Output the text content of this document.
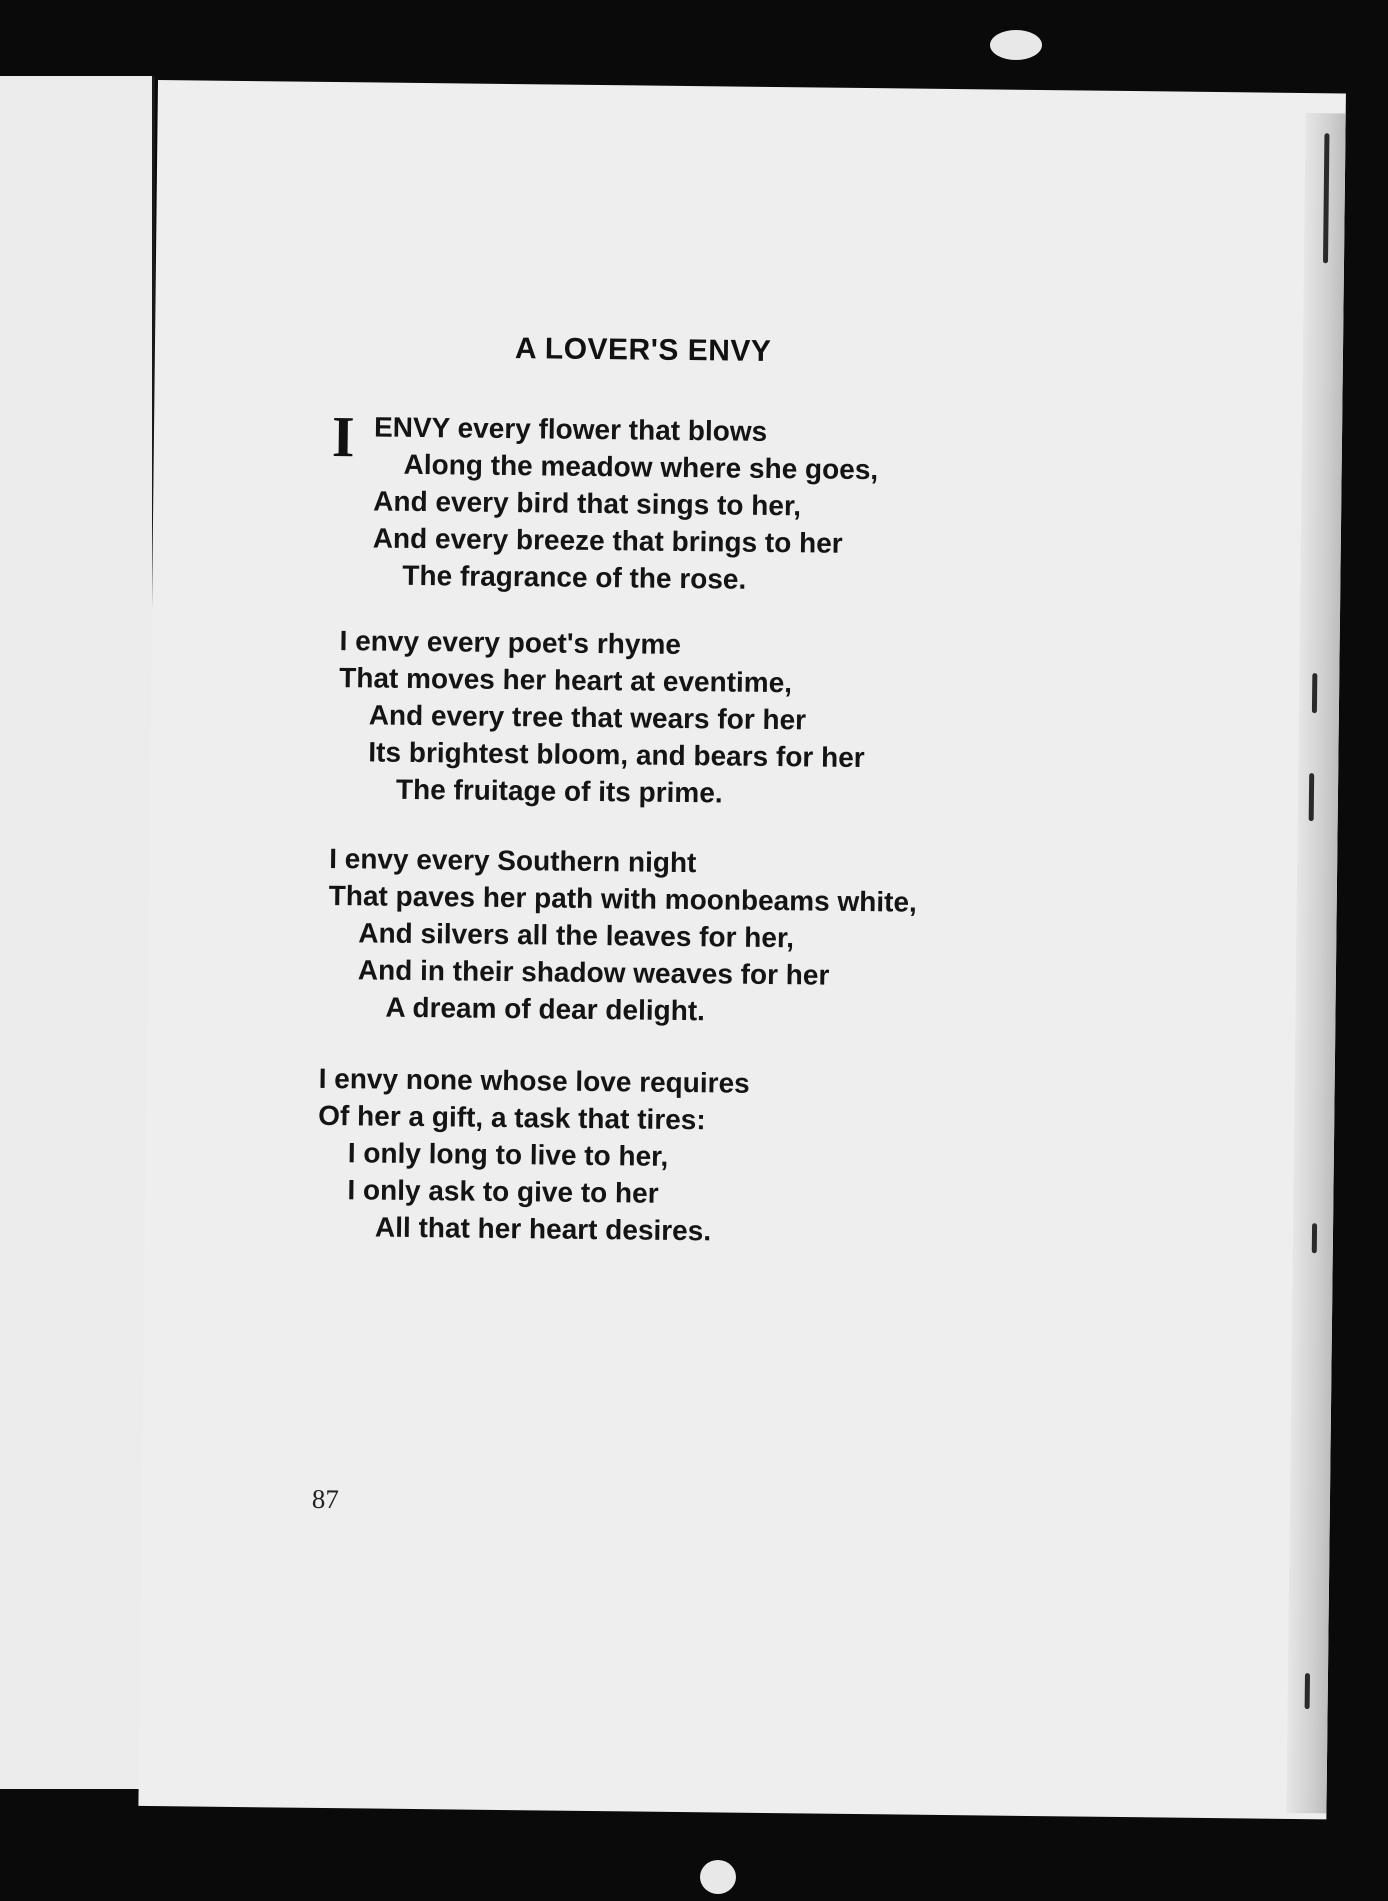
A LOVER'S ENVY
I ENVY every flower that blows
Along the meadow where she goes,
And every bird that sings to her,
And every breeze that brings to her
The fragrance of the rose.
I envy every poet's rhyme
That moves her heart at eventime,
And every tree that wears for her
Its brightest bloom, and bears for her
The fruitage of its prime.
I envy every Southern night
That paves her path with moonbeams white,
And silvers all the leaves for her,
And in their shadow weaves for her
A dream of dear delight.
I envy none whose love requires
Of her a gift, a task that tires:
I only long to live to her,
I only ask to give to her
All that her heart desires.
87
